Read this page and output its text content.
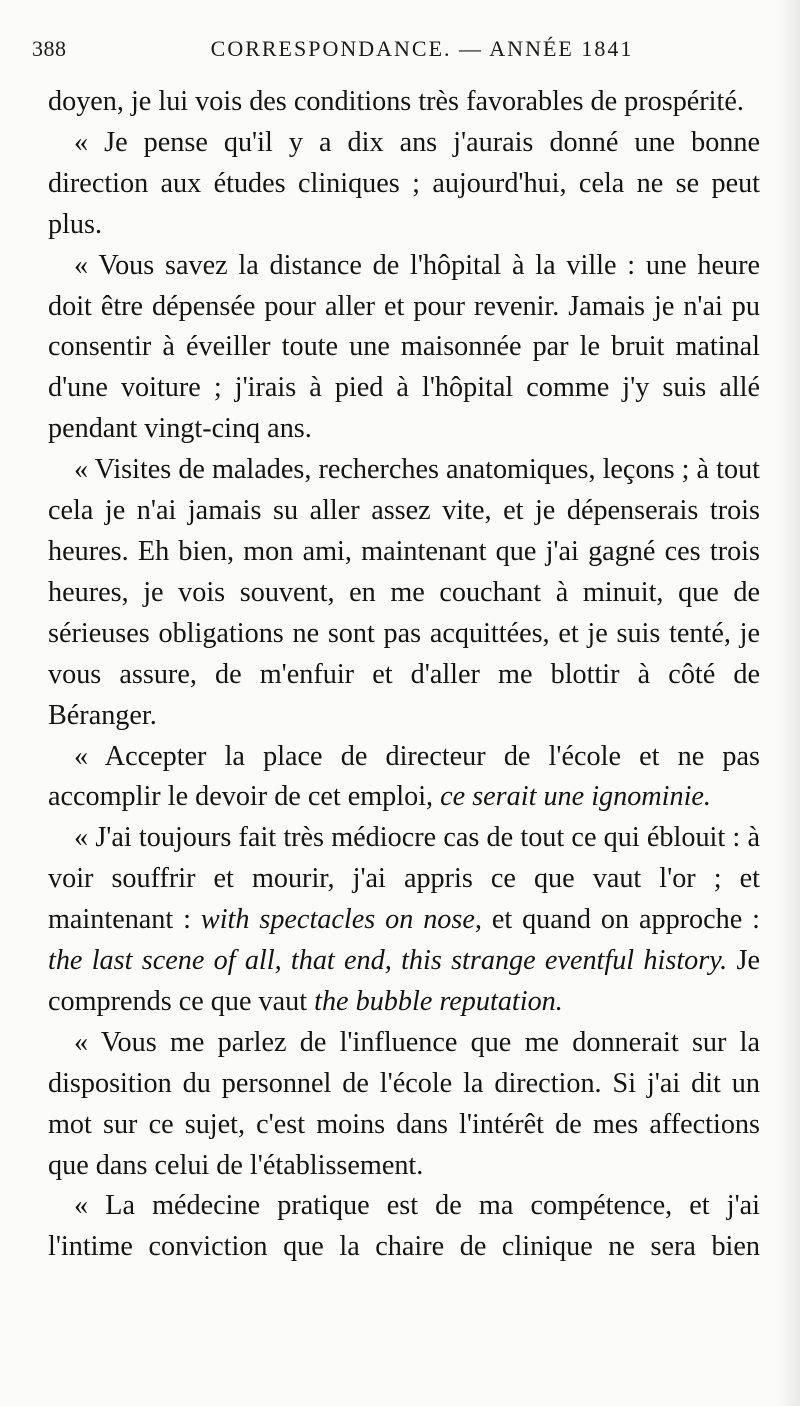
388	CORRESPONDANCE. — ANNÉE 1841

doyen, je lui vois des conditions très favorables de prospérité.

« Je pense qu'il y a dix ans j'aurais donné une bonne direction aux études cliniques ; aujourd'hui, cela ne se peut plus.

« Vous savez la distance de l'hôpital à la ville : une heure doit être dépensée pour aller et pour revenir. Jamais je n'ai pu consentir à éveiller toute une maisonnée par le bruit matinal d'une voiture ; j'irais à pied à l'hôpital comme j'y suis allé pendant vingt-cinq ans.

« Visites de malades, recherches anatomiques, leçons ; à tout cela je n'ai jamais su aller assez vite, et je dépenserais trois heures. Eh bien, mon ami, maintenant que j'ai gagné ces trois heures, je vois souvent, en me couchant à minuit, que de sérieuses obligations ne sont pas acquittées, et je suis tenté, je vous assure, de m'enfuir et d'aller me blottir à côté de Béranger.

« Accepter la place de directeur de l'école et ne pas accomplir le devoir de cet emploi, ce serait une ignominie.

« J'ai toujours fait très médiocre cas de tout ce qui éblouit : à voir souffrir et mourir, j'ai appris ce que vaut l'or ; et maintenant : with spectacles on nose, et quand on approche : the last scene of all, that end, this strange eventful history. Je comprends ce que vaut the bubble reputation.

« Vous me parlez de l'influence que me donnerait sur la disposition du personnel de l'école la direction. Si j'ai dit un mot sur ce sujet, c'est moins dans l'intérêt de mes affections que dans celui de l'établissement.

« La médecine pratique est de ma compétence, et j'ai l'intime conviction que la chaire de clinique ne sera bien
